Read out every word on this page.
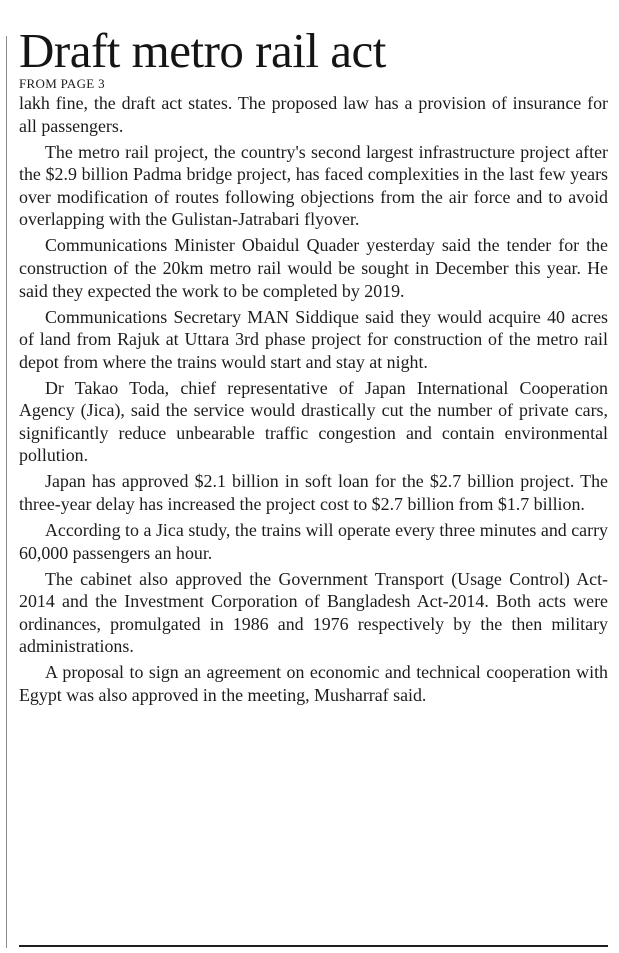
Draft metro rail act
FROM PAGE 3

lakh fine, the draft act states. The proposed law has a provision of insurance for all passengers.

The metro rail project, the country's second largest infrastructure project after the $2.9 billion Padma bridge project, has faced complexities in the last few years over modification of routes following objections from the air force and to avoid overlapping with the Gulistan-Jatrabari flyover.

Communications Minister Obaidul Quader yesterday said the tender for the construction of the 20km metro rail would be sought in December this year. He said they expected the work to be completed by 2019.

Communications Secretary MAN Siddique said they would acquire 40 acres of land from Rajuk at Uttara 3rd phase project for construction of the metro rail depot from where the trains would start and stay at night.

Dr Takao Toda, chief representative of Japan International Cooperation Agency (Jica), said the service would drastically cut the number of private cars, significantly reduce unbearable traffic congestion and contain environmental pollution.

Japan has approved $2.1 billion in soft loan for the $2.7 billion project. The three-year delay has increased the project cost to $2.7 billion from $1.7 billion.

According to a Jica study, the trains will operate every three minutes and carry 60,000 passengers an hour.

The cabinet also approved the Government Transport (Usage Control) Act-2014 and the Investment Corporation of Bangladesh Act-2014. Both acts were ordinances, promulgated in 1986 and 1976 respectively by the then military administrations.

A proposal to sign an agreement on economic and technical cooperation with Egypt was also approved in the meeting, Musharraf said.
